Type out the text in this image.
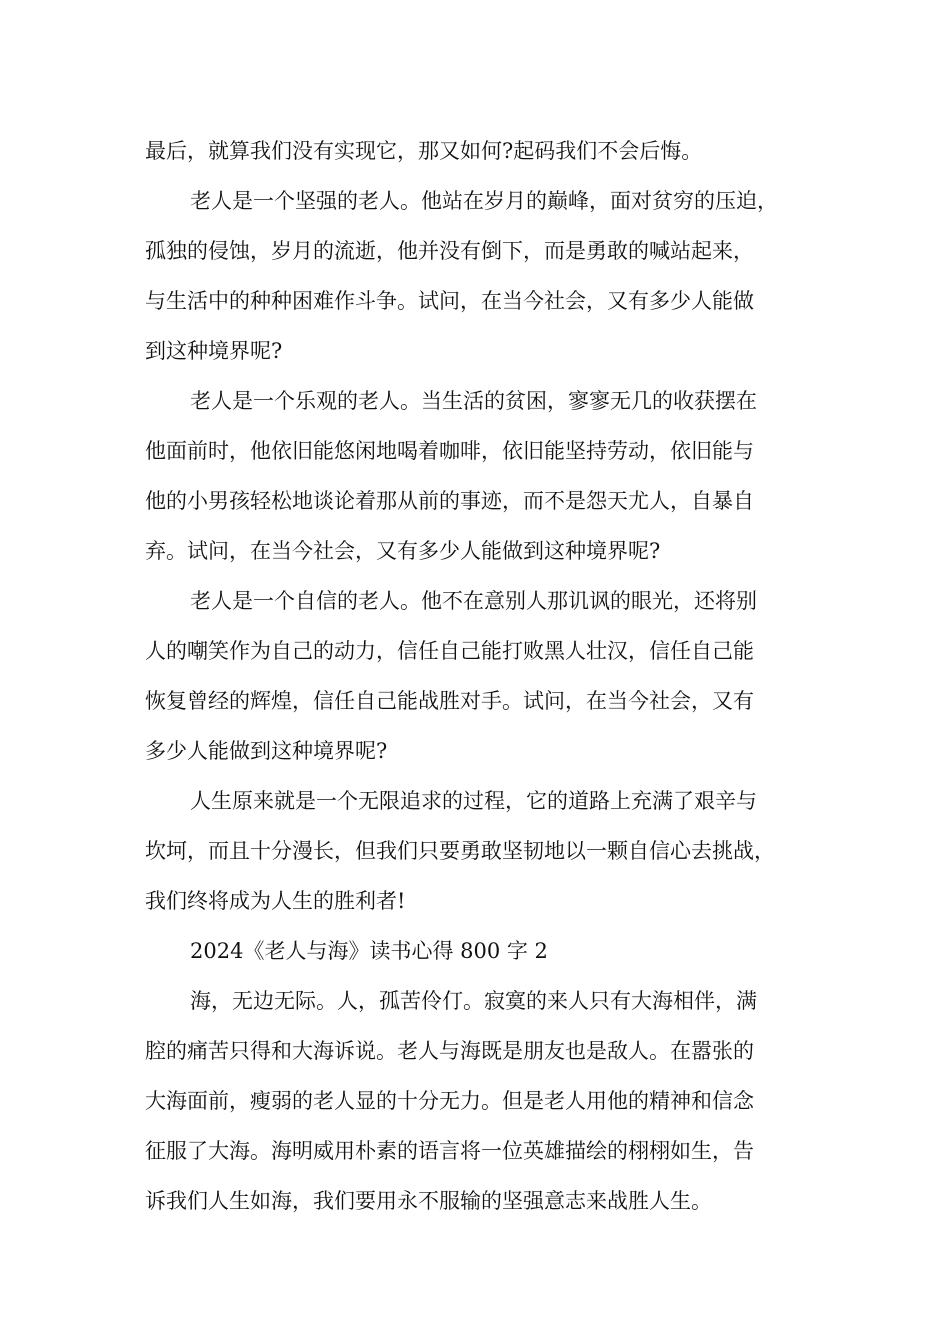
最后，就算我们没有实现它，那又如何?起码我们不会后悔。
老人是一个坚强的老人。他站在岁月的巅峰，面对贫穷的压迫，
孤独的侵蚀，岁月的流逝，他并没有倒下，而是勇敢的喊站起来，
与生活中的种种困难作斗争。试问，在当今社会，又有多少人能做
到这种境界呢?
老人是一个乐观的老人。当生活的贫困，寥寥无几的收获摆在
他面前时，他依旧能悠闲地喝着咖啡，依旧能坚持劳动，依旧能与
他的小男孩轻松地谈论着那从前的事迹，而不是怨天尤人，自暴自
弃。试问，在当今社会，又有多少人能做到这种境界呢?
老人是一个自信的老人。他不在意别人那讥讽的眼光，还将别
人的嘲笑作为自己的动力，信任自己能打败黑人壮汉，信任自己能
恢复曾经的辉煌，信任自己能战胜对手。试问，在当今社会，又有
多少人能做到这种境界呢?
人生原来就是一个无限追求的过程，它的道路上充满了艰辛与
坎坷，而且十分漫长，但我们只要勇敢坚韧地以一颗自信心去挑战，
我们终将成为人生的胜利者!
2024《老人与海》读书心得 800 字 2
海，无边无际。人，孤苦伶仃。寂寞的来人只有大海相伴，满
腔的痛苦只得和大海诉说。老人与海既是朋友也是敌人。在嚣张的
大海面前，瘦弱的老人显的十分无力。但是老人用他的精神和信念
征服了大海。海明威用朴素的语言将一位英雄描绘的栩栩如生，告
诉我们人生如海，我们要用永不服输的坚强意志来战胜人生。
